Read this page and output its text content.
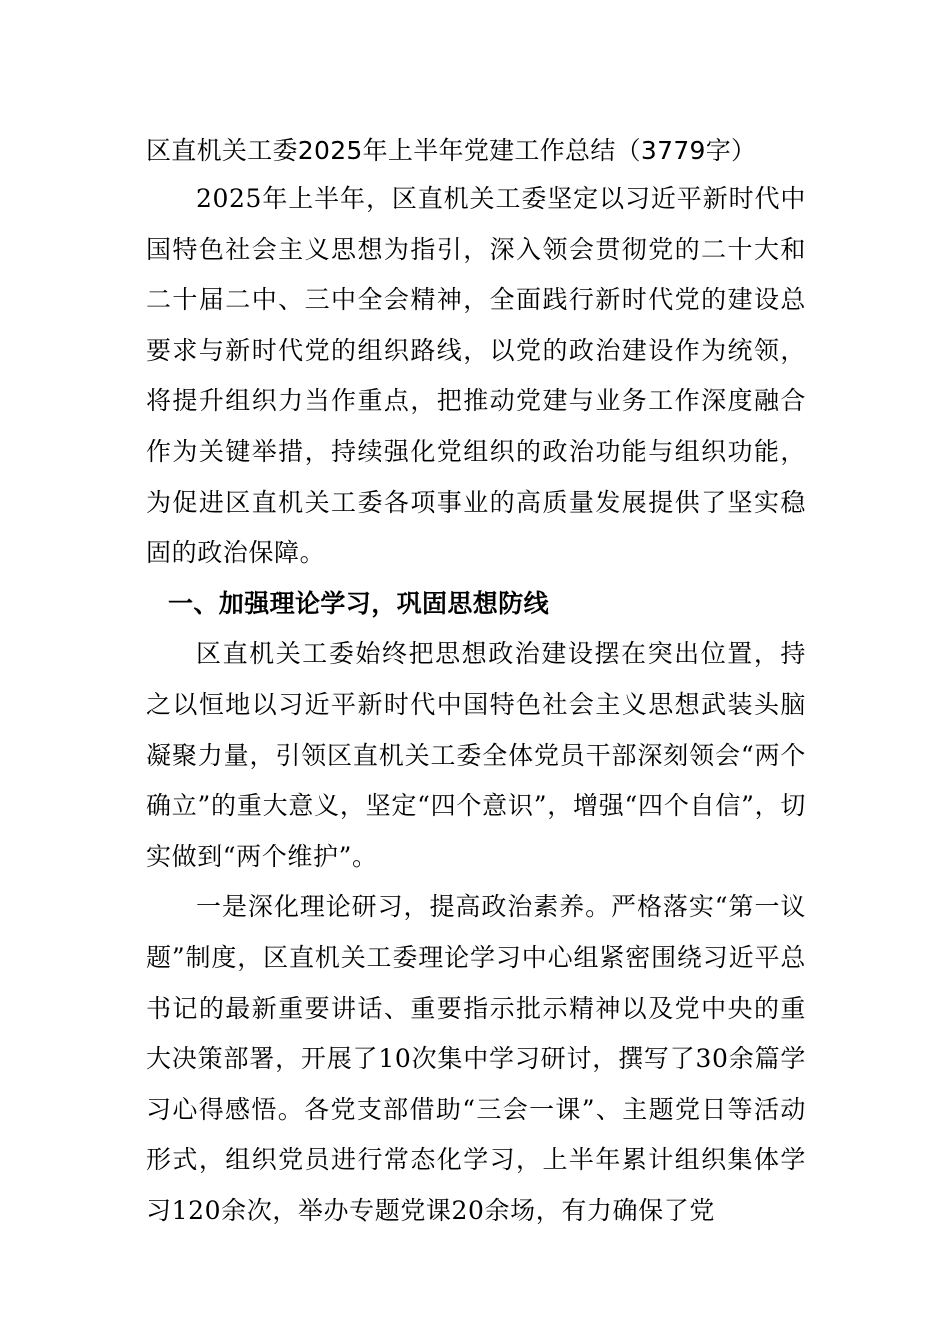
区直机关工委2025年上半年党建工作总结（3779字）

2025年上半年，区直机关工委坚定以习近平新时代中国特色社会主义思想为指引，深入领会贯彻党的二十大和二十届二中、三中全会精神，全面践行新时代党的建设总要求与新时代党的组织路线，以党的政治建设作为统领，将提升组织力当作重点，把推动党建与业务工作深度融合作为关键举措，持续强化党组织的政治功能与组织功能，为促进区直机关工委各项事业的高质量发展提供了坚实稳固的政治保障。

一、加强理论学习，巩固思想防线

区直机关工委始终把思想政治建设摆在突出位置，持之以恒地以习近平新时代中国特色社会主义思想武装头脑凝聚力量，引领区直机关工委全体党员干部深刻领会“两个确立”的重大意义，坚定“四个意识”，增强“四个自信”，切实做到“两个维护”。

一是深化理论研习，提高政治素养。严格落实“第一议题”制度，区直机关工委理论学习中心组紧密围绕习近平总书记的最新重要讲话、重要指示批示精神以及党中央的重大决策部署，开展了10次集中学习研讨，撰写了30余篇学习心得感悟。各党支部借助“三会一课”、主题党日等活动形式，组织党员进行常态化学习，上半年累计组织集体学习120余次，举办专题党课20余场，有力确保了党
